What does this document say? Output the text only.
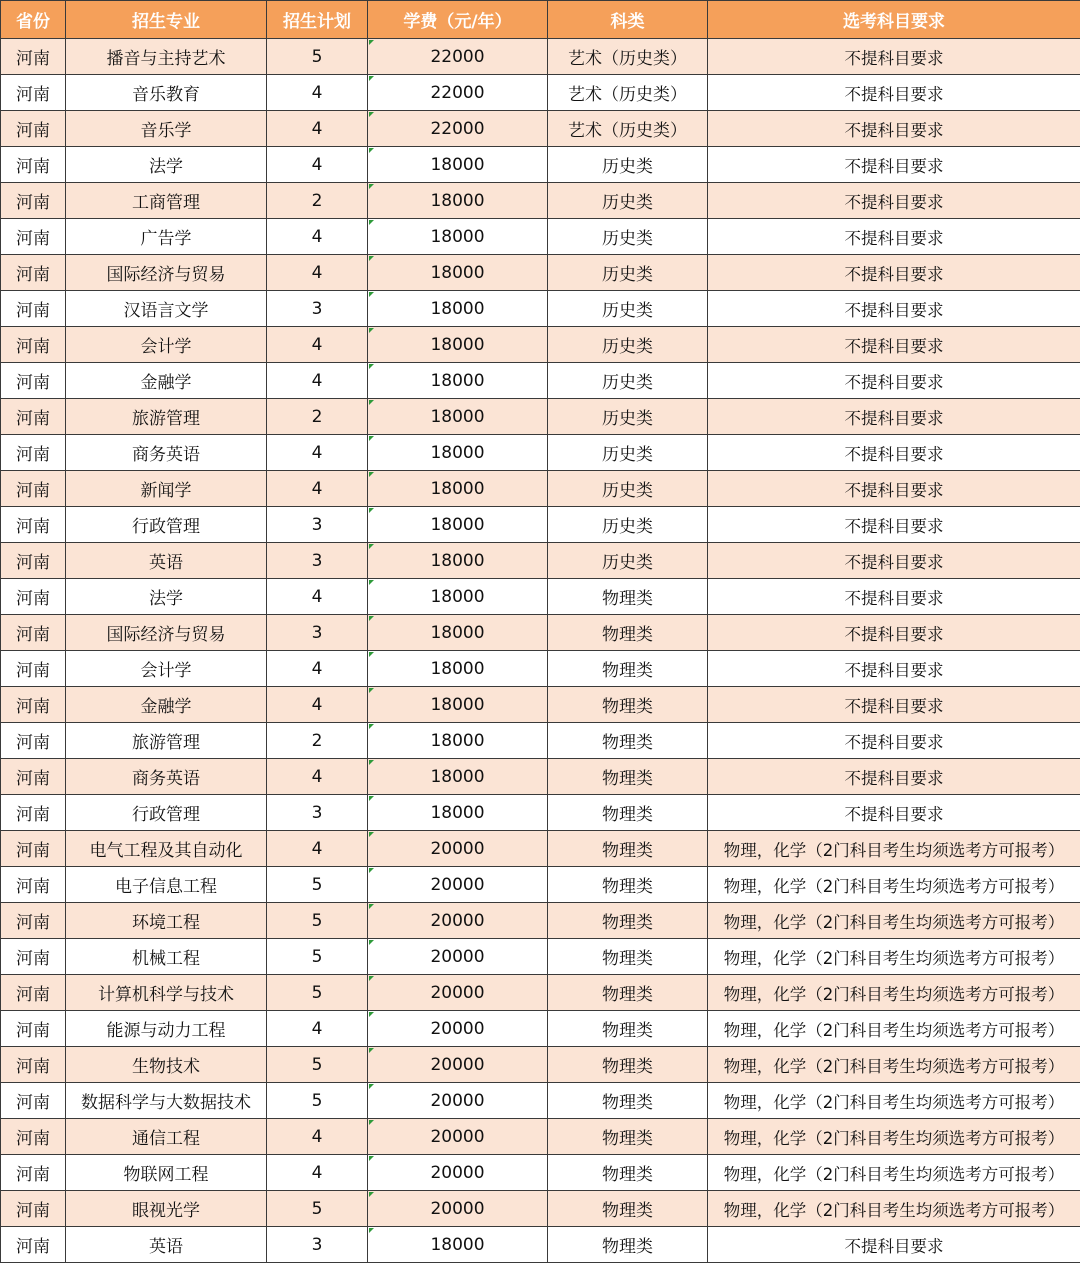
省份	招生专业	招生计划	学费（元/年）	科类	选考科目要求
河南	播音与主持艺术	5	22000	艺术（历史类）	不提科目要求
河南	音乐教育	4	22000	艺术（历史类）	不提科目要求
河南	音乐学	4	22000	艺术（历史类）	不提科目要求
河南	法学	4	18000	历史类	不提科目要求
河南	工商管理	2	18000	历史类	不提科目要求
河南	广告学	4	18000	历史类	不提科目要求
河南	国际经济与贸易	4	18000	历史类	不提科目要求
河南	汉语言文学	3	18000	历史类	不提科目要求
河南	会计学	4	18000	历史类	不提科目要求
河南	金融学	4	18000	历史类	不提科目要求
河南	旅游管理	2	18000	历史类	不提科目要求
河南	商务英语	4	18000	历史类	不提科目要求
河南	新闻学	4	18000	历史类	不提科目要求
河南	行政管理	3	18000	历史类	不提科目要求
河南	英语	3	18000	历史类	不提科目要求
河南	法学	4	18000	物理类	不提科目要求
河南	国际经济与贸易	3	18000	物理类	不提科目要求
河南	会计学	4	18000	物理类	不提科目要求
河南	金融学	4	18000	物理类	不提科目要求
河南	旅游管理	2	18000	物理类	不提科目要求
河南	商务英语	4	18000	物理类	不提科目要求
河南	行政管理	3	18000	物理类	不提科目要求
河南	电气工程及其自动化	4	20000	物理类	物理，化学（2门科目考生均须选考方可报考）
河南	电子信息工程	5	20000	物理类	物理，化学（2门科目考生均须选考方可报考）
河南	环境工程	5	20000	物理类	物理，化学（2门科目考生均须选考方可报考）
河南	机械工程	5	20000	物理类	物理，化学（2门科目考生均须选考方可报考）
河南	计算机科学与技术	5	20000	物理类	物理，化学（2门科目考生均须选考方可报考）
河南	能源与动力工程	4	20000	物理类	物理，化学（2门科目考生均须选考方可报考）
河南	生物技术	5	20000	物理类	物理，化学（2门科目考生均须选考方可报考）
河南	数据科学与大数据技术	5	20000	物理类	物理，化学（2门科目考生均须选考方可报考）
河南	通信工程	4	20000	物理类	物理，化学（2门科目考生均须选考方可报考）
河南	物联网工程	4	20000	物理类	物理，化学（2门科目考生均须选考方可报考）
河南	眼视光学	5	20000	物理类	物理，化学（2门科目考生均须选考方可报考）
河南	英语	3	18000	物理类	不提科目要求
